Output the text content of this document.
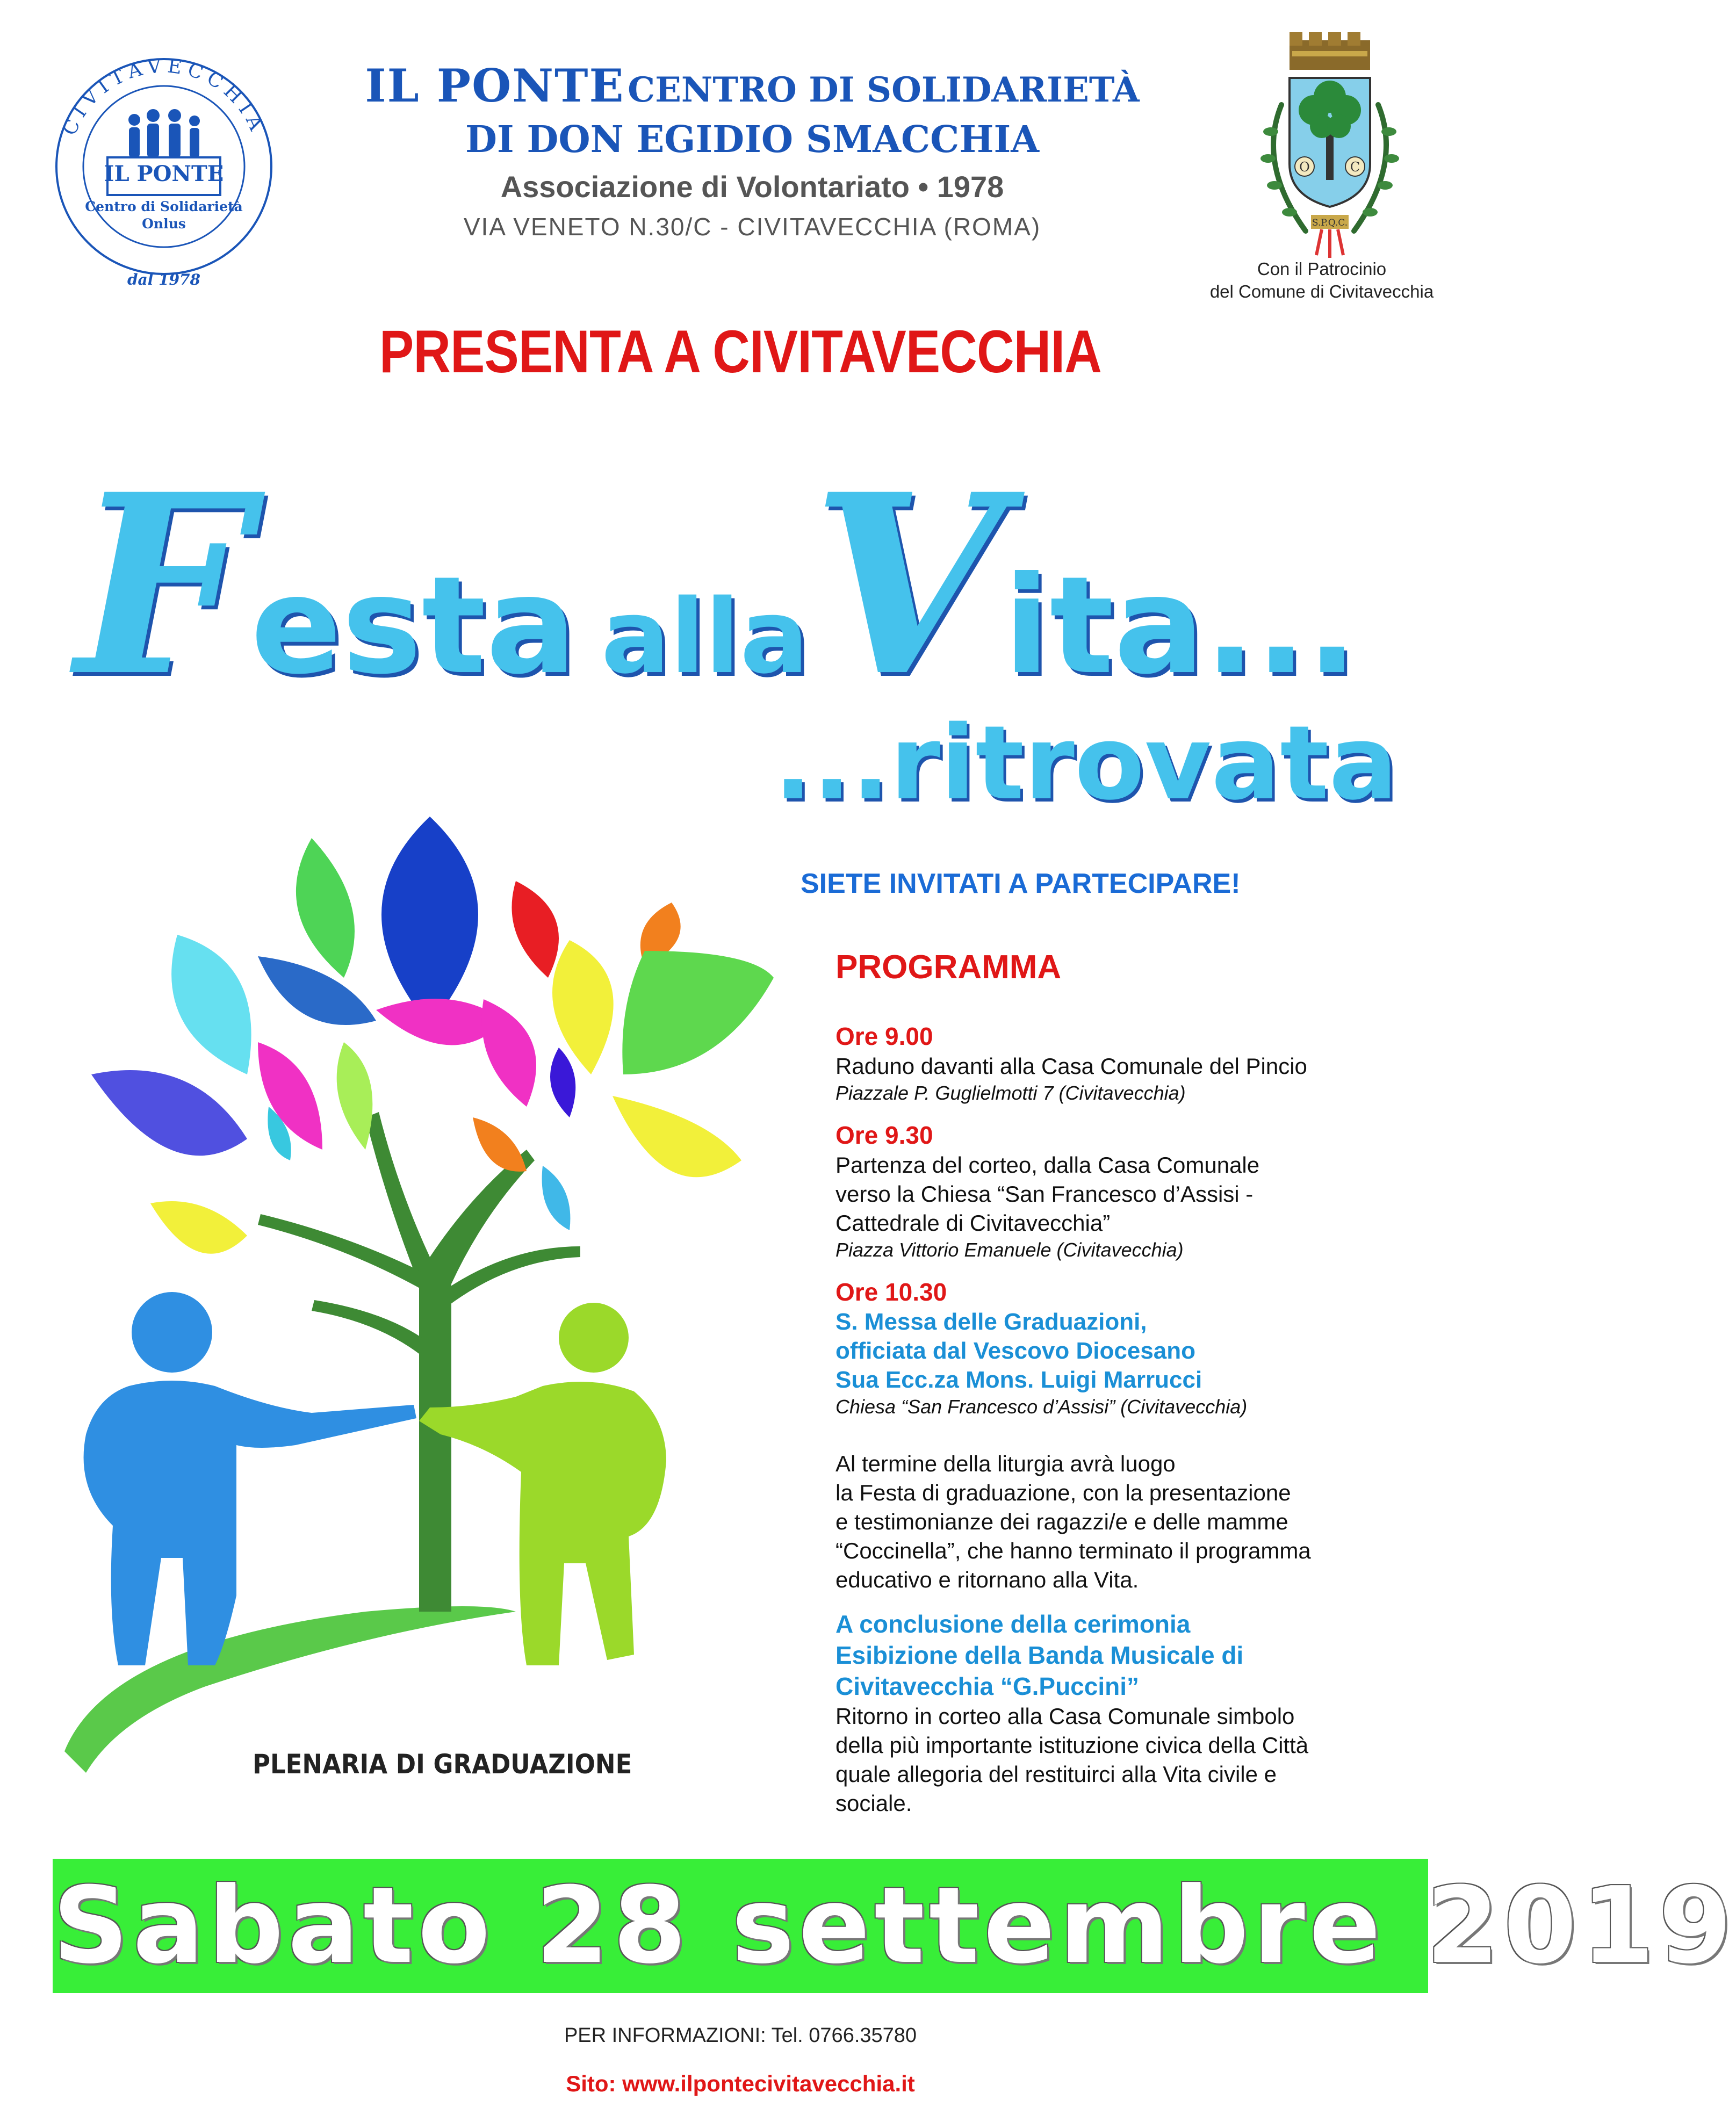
CIVITAVECCHIA
IL PONTE
Centro di Solidarietà
Onlus
dal 1978
IL PONTE CENTRO DI SOLIDARIETÀ
DI DON EGIDIO SMACCHIA
Associazione di Volontariato • 1978
VIA VENETO N.30/C - CIVITAVECCHIA (ROMA)
O	C
S.P.Q.C.
Con il Patrocinio
del Comune di Civitavecchia
PRESENTA A CIVITAVECCHIA
Festa alla Vita...
...ritrovata
PLENARIA DI GRADUAZIONE
SIETE INVITATI A PARTECIPARE!
PROGRAMMA
Ore 9.00
Raduno davanti alla Casa Comunale del Pincio
Piazzale P. Guglielmotti 7 (Civitavecchia)
Ore 9.30
Partenza del corteo, dalla Casa Comunale
verso la Chiesa “San Francesco d’Assisi -
Cattedrale di Civitavecchia”
Piazza Vittorio Emanuele (Civitavecchia)
Ore 10.30
S. Messa delle Graduazioni,
officiata dal Vescovo Diocesano
Sua Ecc.za Mons. Luigi Marrucci
Chiesa “San Francesco d’Assisi” (Civitavecchia)
Al termine della liturgia avrà luogo
la Festa di graduazione, con la presentazione
e testimonianze dei ragazzi/e e delle mamme
“Coccinella”, che hanno terminato il programma
educativo e ritornano alla Vita.
A conclusione della cerimonia
Esibizione della Banda Musicale di
Civitavecchia “G.Puccini”
Ritorno in corteo alla Casa Comunale simbolo
della più importante istituzione civica della Città
quale allegoria del restituirci alla Vita civile e
sociale.
Sabato 28 settembre 2019
PER INFORMAZIONI: Tel. 0766.35780
Sito: www.ilpontecivitavecchia.it
